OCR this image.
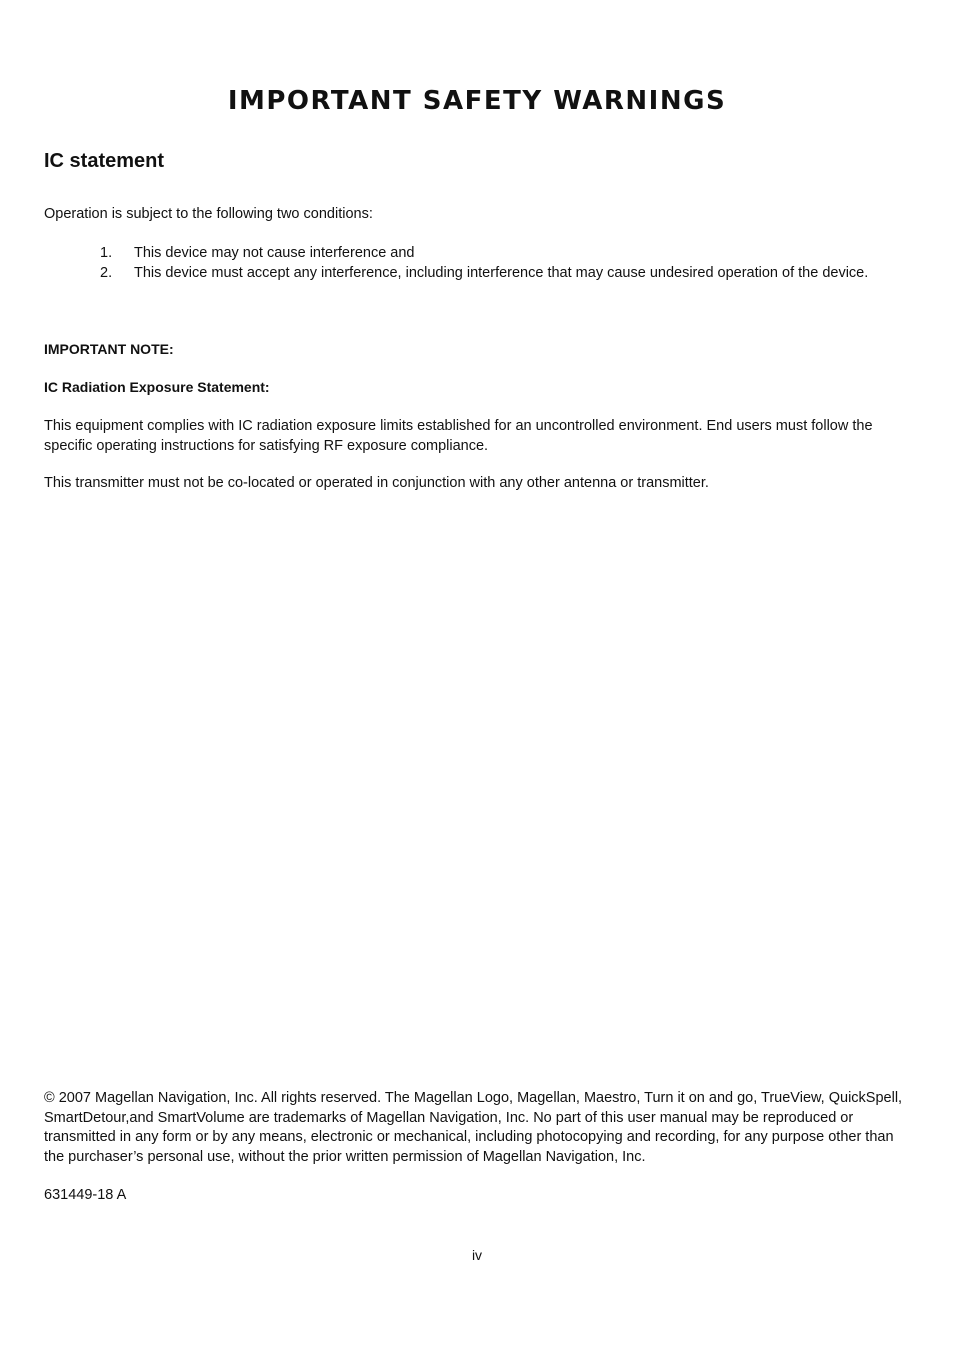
IMPORTANT SAFETY WARNINGS
IC statement

Operation is subject to the following two conditions:

1. This device may not cause interference and
2. This device must accept any interference, including interference that may cause undesired operation of the device.

IMPORTANT NOTE:

IC Radiation Exposure Statement:

This equipment complies with IC radiation exposure limits established for an uncontrolled environment. End users must follow the specific operating instructions for satisfying RF exposure compliance.

This transmitter must not be co-located or operated in conjunction with any other antenna or transmitter.

© 2007 Magellan Navigation, Inc. All rights reserved. The Magellan Logo, Magellan, Maestro, Turn it on and go, TrueView, QuickSpell, SmartDetour,and SmartVolume are trademarks of Magellan Navigation, Inc. No part of this user manual may be reproduced or transmitted in any form or by any means, electronic or mechanical, including photocopying and recording, for any purpose other than the purchaser’s personal use, without the prior written permission of Magellan Navigation, Inc.

631449-18 A

iv
